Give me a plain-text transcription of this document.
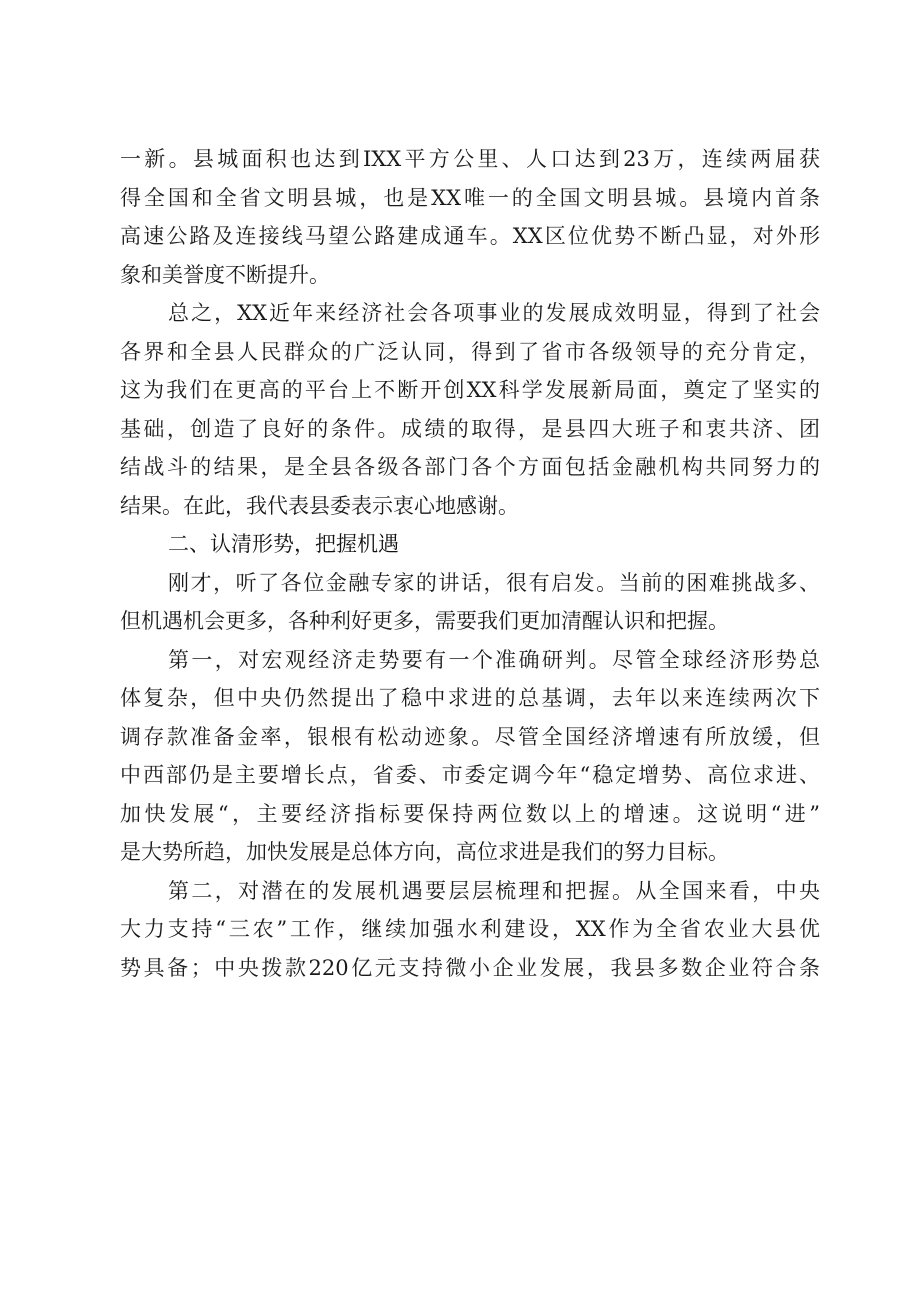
一新。县城面积也达到IXX平方公里、人口达到23万，连续两届获
得全国和全省文明县城，也是XX唯一的全国文明县城。县境内首条
高速公路及连接线马望公路建成通车。XX区位优势不断凸显，对外形
象和美誉度不断提升。
总之，XX近年来经济社会各项事业的发展成效明显，得到了社会
各界和全县人民群众的广泛认同，得到了省市各级领导的充分肯定，
这为我们在更高的平台上不断开创XX科学发展新局面，奠定了坚实的
基础，创造了良好的条件。成绩的取得，是县四大班子和衷共济、团
结战斗的结果，是全县各级各部门各个方面包括金融机构共同努力的
结果。在此，我代表县委表示衷心地感谢。
二、认清形势，把握机遇
刚才，听了各位金融专家的讲话，很有启发。当前的困难挑战多、
但机遇机会更多，各种利好更多，需要我们更加清醒认识和把握。
第一，对宏观经济走势要有一个准确研判。尽管全球经济形势总
体复杂，但中央仍然提出了稳中求进的总基调，去年以来连续两次下
调存款准备金率，银根有松动迹象。尽管全国经济增速有所放缓，但
中西部仍是主要增长点，省委、市委定调今年“稳定增势、高位求进、
加快发展“，主要经济指标要保持两位数以上的增速。这说明“进”
是大势所趋，加快发展是总体方向，高位求进是我们的努力目标。
第二，对潜在的发展机遇要层层梳理和把握。从全国来看，中央
大力支持“三农”工作，继续加强水利建设，XX作为全省农业大县优
势具备；中央拨款220亿元支持微小企业发展，我县多数企业符合条
